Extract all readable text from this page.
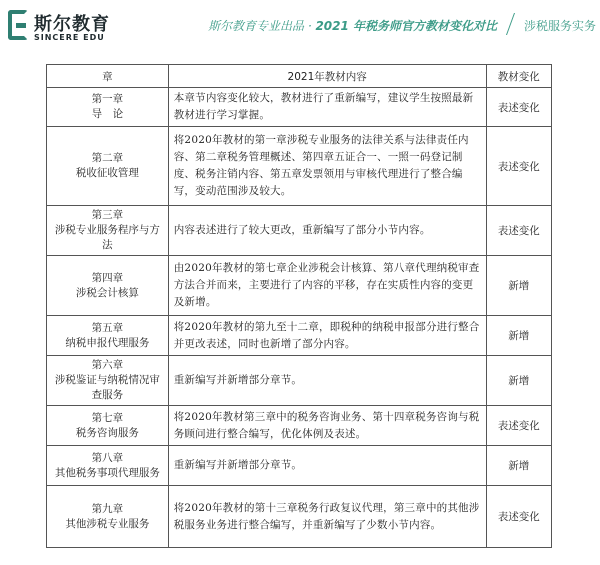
斯尔教育
SINCERE EDU
斯尔教育专业出品 · 2021 年税务师官方教材变化对比 涉税服务实务
章	2021年教材内容	教材变化

第一章
导　论	本章节内容变化较大，教材进行了重新编写，建议学生按照最新教材进行学习掌握。	表述变化

第二章
税收征收管理	将2020年教材的第一章涉税专业服务的法律关系与法律责任内容、第二章税务管理概述、第四章五证合一、一照一码登记制度、税务注销内容、第五章发票领用与审核代理进行了整合编写，变动范围涉及较大。	表述变化

第三章
涉税专业服务程序与方法	内容表述进行了较大更改，重新编写了部分小节内容。	表述变化

第四章
涉税会计核算	由2020年教材的第七章企业涉税会计核算、第八章代理纳税审查方法合并而来，主要进行了内容的平移，存在实质性内容的变更及新增。	新增

第五章
纳税申报代理服务	将2020年教材的第九至十二章，即税种的纳税申报部分进行整合并更改表述，同时也新增了部分内容。	新增

第六章
涉税鉴证与纳税情况审查服务	重新编写并新增部分章节。	新增

第七章
税务咨询服务	将2020年教材第三章中的税务咨询业务、第十四章税务咨询与税务顾问进行整合编写，优化体例及表述。	表述变化

第八章
其他税务事项代理服务	重新编写并新增部分章节。	新增

第九章
其他涉税专业服务	将2020年教材的第十三章税务行政复议代理，第三章中的其他涉税服务业务进行整合编写，并重新编写了少数小节内容。	表述变化
